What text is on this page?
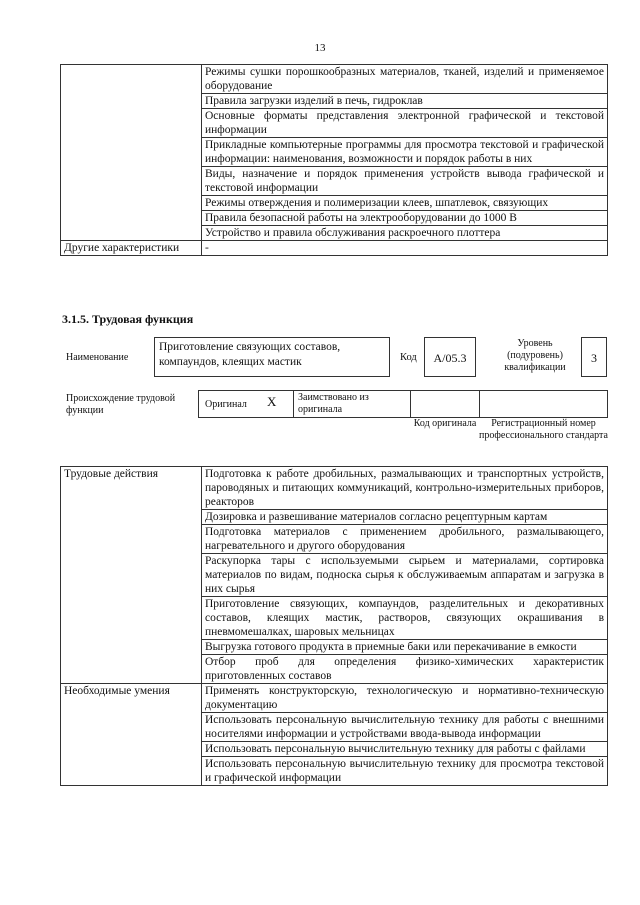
13
	Режимы сушки порошкообразных материалов, тканей, изделий и применяемое оборудование
	Правила загрузки изделий в печь, гидроклав
	Основные форматы представления электронной графической и текстовой информации
	Прикладные компьютерные программы для просмотра текстовой и графической информации: наименования, возможности и порядок работы в них
	Виды, назначение и порядок применения устройств вывода графической и текстовой информации
	Режимы отверждения и полимеризации клеев, шпатлевок, связующих
	Правила безопасной работы на электрооборудовании до 1000 В
	Устройство и правила обслуживания раскроечного плоттера
Другие характеристики	-
3.1.5. Трудовая функция
Наименование
Приготовление связующих составов, компаундов, клеящих мастик	Код	А/05.3
Уровень (подуровень) квалификации
3
Происхождение трудовой функции
Оригинал X	Заимствовано из оригинала
Код оригинала	Регистрационный номер профессионального стандарта
Трудовые действия	Подготовка к работе дробильных, размалывающих и транспортных устройств, пароводяных и питающих коммуникаций, контрольно-измерительных приборов, реакторов
	Дозировка и развешивание материалов согласно рецептурным картам
	Подготовка материалов с применением дробильного, размалывающего, нагревательного и другого оборудования
	Раскупорка тары с используемыми сырьем и материалами, сортировка материалов по видам, подноска сырья к обслуживаемым аппаратам и загрузка в них сырья
	Приготовление связующих, компаундов, разделительных и декоративных составов, клеящих мастик, растворов, связующих окрашивания в пневмомешалках, шаровых мельницах
	Выгрузка готового продукта в приемные баки или перекачивание в емкости
	Отбор проб для определения физико-химических характеристик приготовленных составов
Необходимые умения	Применять конструкторскую, технологическую и нормативно-техническую документацию
	Использовать персональную вычислительную технику для работы с внешними носителями информации и устройствами ввода-вывода информации
	Использовать персональную вычислительную технику для работы с файлами
	Использовать персональную вычислительную технику для просмотра текстовой и графической информации
